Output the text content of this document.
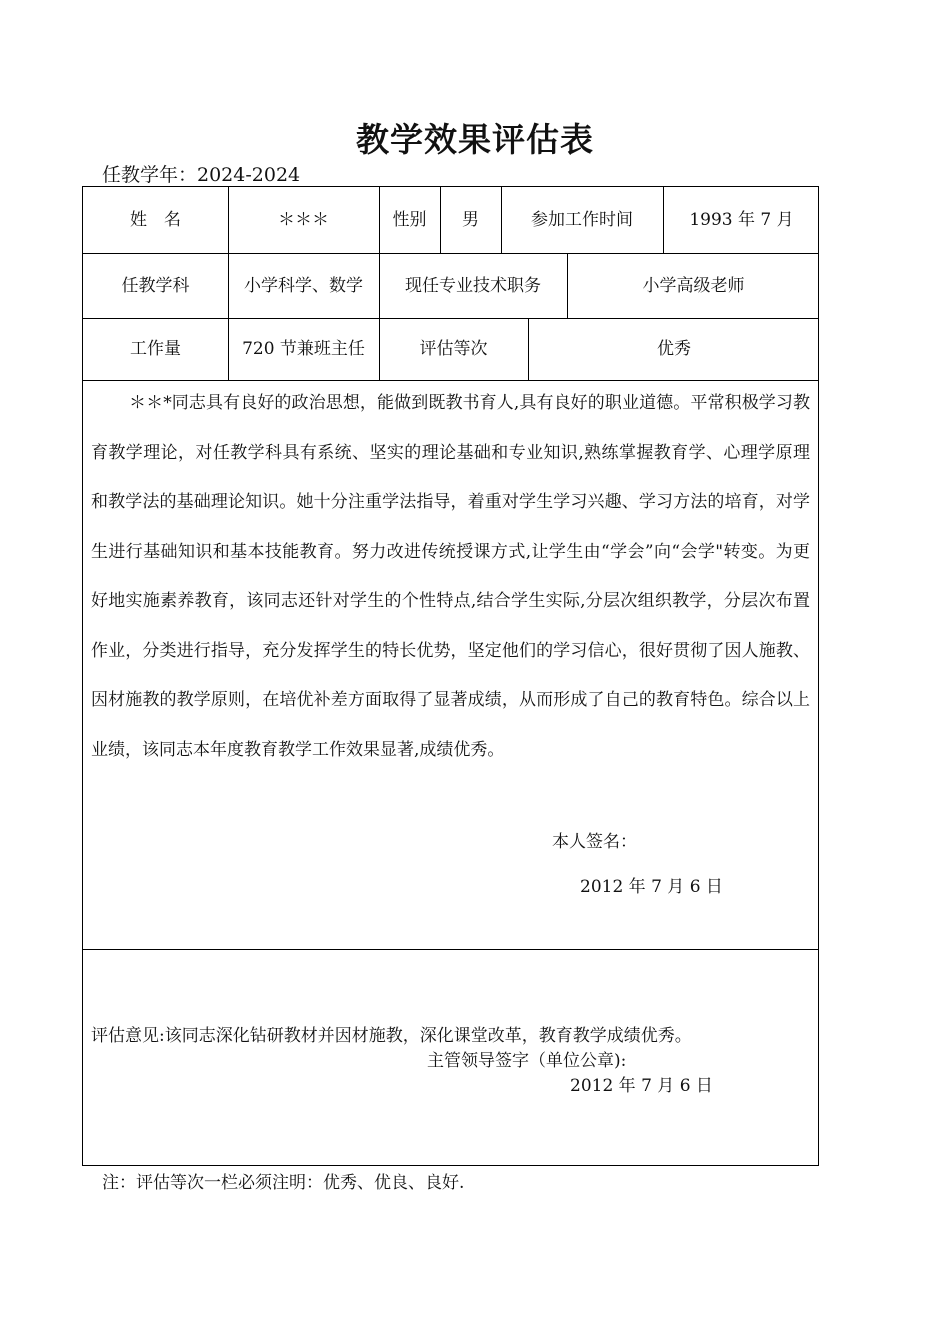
教学效果评估表
任教学年：2024-2024
姓　名	＊＊＊	性别	男	参加工作时间	1993 年 7 月
任教学科	小学科学、数学	现任专业技术职务	小学高级老师
工作量	720 节兼班主任	评估等次	优秀
＊＊*同志具有良好的政治思想，能做到既教书育人,具有良好的职业道德。平常积极学习教育教学理论，对任教学科具有系统、坚实的理论基础和专业知识,熟练掌握教育学、心理学原理和教学法的基础理论知识。她十分注重学法指导，着重对学生学习兴趣、学习方法的培育，对学生进行基础知识和基本技能教育。努力改进传统授课方式,让学生由“学会”向“会学"转变。为更好地实施素养教育，该同志还针对学生的个性特点,结合学生实际,分层次组织教学，分层次布置作业，分类进行指导，充分发挥学生的特长优势，坚定他们的学习信心，很好贯彻了因人施教、因材施教的教学原则，在培优补差方面取得了显著成绩，从而形成了自己的教育特色。综合以上业绩，该同志本年度教育教学工作效果显著,成绩优秀。
本人签名：
2012 年 7 月 6 日
评估意见:该同志深化钻研教材并因材施教，深化课堂改革，教育教学成绩优秀。
主管领导签字（单位公章):
2012 年 7 月 6 日
注：评估等次一栏必须注明：优秀、优良、良好.
